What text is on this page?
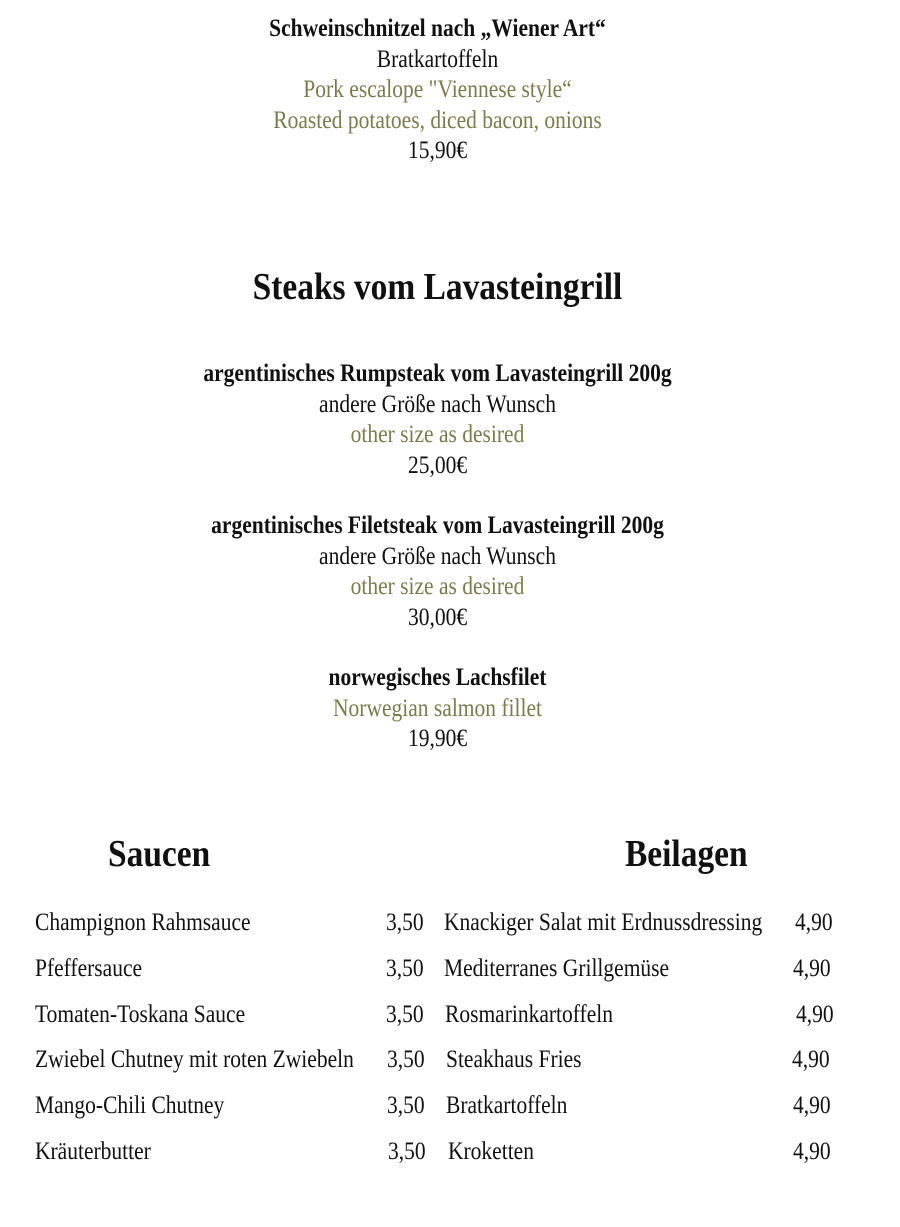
Schweinschnitzel nach „Wiener Art“
Bratkartoffeln
Pork escalope "Viennese style“
Roasted potatoes, diced bacon, onions
15,90€
Steaks vom Lavasteingrill
argentinisches Rumpsteak vom Lavasteingrill 200g
andere Größe nach Wunsch
other size as desired
25,00€
argentinisches Filetsteak vom Lavasteingrill 200g
andere Größe nach Wunsch
other size as desired
30,00€
norwegisches Lachsfilet
Norwegian salmon fillet
19,90€
Saucen	Beilagen
Champignon Rahmsauce	3,50
Pfeffersauce	3,50
Tomaten-Toskana Sauce	3,50
Zwiebel Chutney mit roten Zwiebeln 3,50
Mango-Chili Chutney	3,50
Kräuterbutter	3,50
Knackiger Salat mit Erdnussdressing 4,90
Mediterranes Grillgemüse	4,90
Rosmarinkartoffeln	4,90
Steakhaus Fries	4,90
Bratkartoffeln	4,90
Kroketten	4,90
